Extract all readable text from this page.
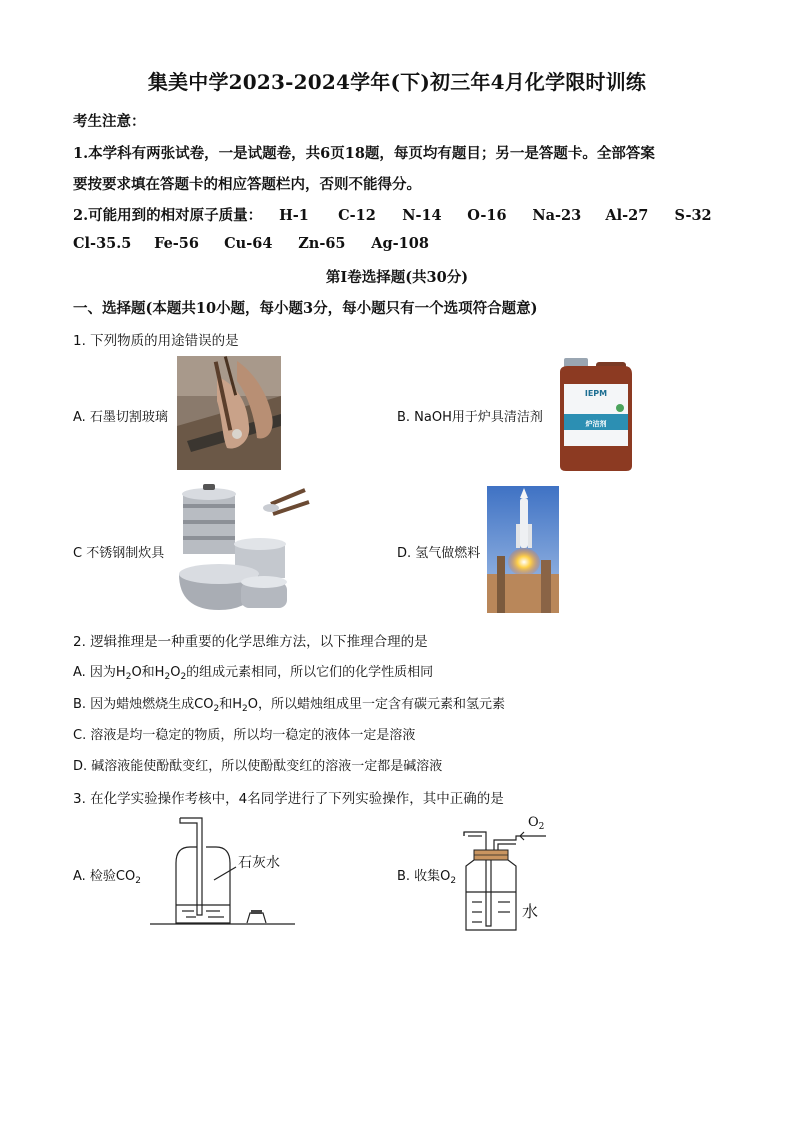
集美中学2023-2024学年(下)初三年4月化学限时训练
考生注意：
1.本学科有两张试卷，一是试题卷，共6页18题，每页均有题目；另一是答题卡。全部答案
要按要求填在答题卡的相应答题栏内，否则不能得分。
2.可能用到的相对原子质量： H-1 C-12 N-14 O-16 Na-23 Al-27 S-32
Cl-35.5 Fe-56 Cu-64 Zn-65 Ag-108
第Ⅰ卷选择题(共30分)
一、选择题(本题共10小题，每小题3分，每小题只有一个选项符合题意)
1. 下列物质的用途错误的是
A. 石墨切割玻璃	B. NaOH用于炉具清洁剂
IEPM
炉洁剂
C 不锈钢制炊具	D. 氢气做燃料
2. 逻辑推理是一种重要的化学思维方法，以下推理合理的是
A. 因为$H_2O$和$H_2O_2$的组成元素相同，所以它们的化学性质相同
B. 因为蜡烛燃烧生成$CO_2$和$H_2O$，所以蜡烛组成里一定含有碳元素和氢元素
C. 溶液是均一稳定的物质，所以均一稳定的液体一定是溶液
D. 碱溶液能使酚酞变红，所以使酚酞变红的溶液一定都是碱溶液
3. 在化学实验操作考核中，4名同学进行了下列实验操作，其中正确的是
A. 检验$CO_2$
石灰水
B. 收集$O_2$
$O_2$
水
